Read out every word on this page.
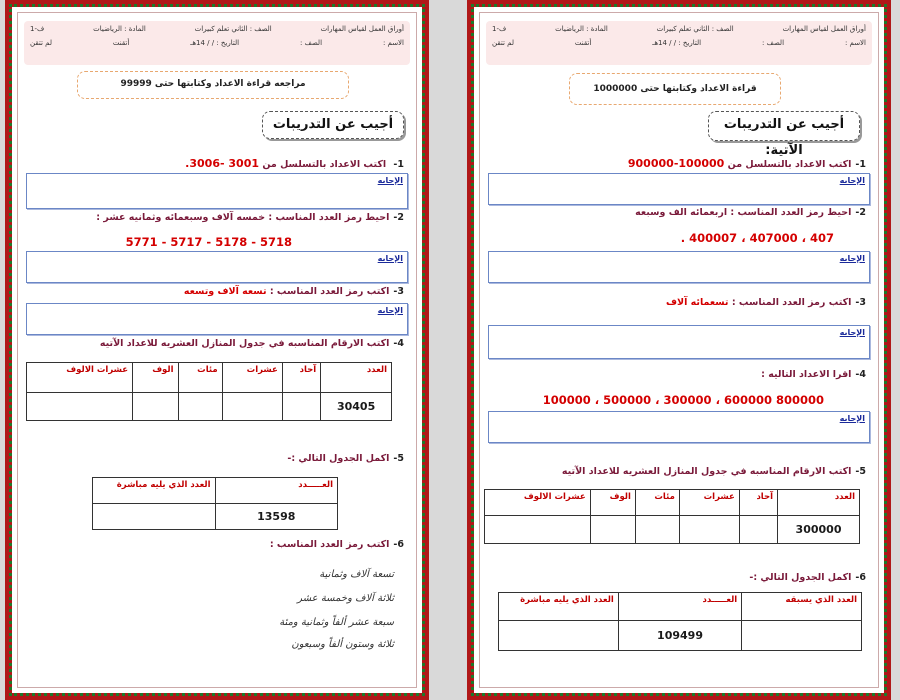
أوراق العمل لقياس المهارات
الصف : الثاني تعلم كبيرات
المادة : الرياضيات
ف-1
الاسم :
الصف :
التاريخ : / / 14هـ
أتقنت
لم تتقن
مراجعه قراءة الاعداد وكتابتها حتى 99999
أجيب عن التدريبات
1- اكتب الاعداد بالتسلسل من 3001 -3006.
الإجابه
2-احيط رمز العدد المناسب : خمسه آلاف وسبعمائه وثمانيه عشر :
5718 - 5178 - 5717 - 5771
الإجابه
3-اكتب رمز العدد المناسب : تسعه آلاف وتسعه
الإجابه
4-اكتب الارقام المناسبه في جدول المنازل العشريه للاعداد الآتيه
العدد	آحاد	عشرات	مئات	الوف	عشرات الالوف
30405					
5-اكمل الجدول التالي :-
العـــــدد	العدد الذي يليه مباشرة
13598	
6-اكتب رمز العدد المناسب :
تسعة آلاف وثمانية
ثلاثة آلاف وخمسة عشر
سبعة عشر ألفاً وثمانية ومئة
ثلاثة وستون ألفاً وسبعون
أوراق العمل لقياس المهارات
الصف : الثاني تعلم كبيرات
المادة : الرياضيات
ف-1
الاسم :
الصف :
التاريخ : / / 14هـ
أتقنت
لم تتقن
قراءة الاعداد وكتابتها حتى 1000000
أجيب عن التدريبات الآتية:
1-اكتب الاعداد بالتسلسل من 100000-900000
الإجابه
2-احيط رمز العدد المناسب : اربعمائه الف وسبعه
407 ، 407000 ، 400007 .
الإجابه
3-اكتب رمز العدد المناسب : تسعمائه آلاف
الإجابه
4-اقرا الاعداد التاليه :
800000 600000 ، 300000 ، 500000 ، 100000
الإجابه
5-اكتب الارقام المناسبه في جدول المنازل العشريه للاعداد الآتيه
العدد	آحاد	عشرات	مئات	الوف	عشرات الالوف
300000					
6-اكمل الجدول التالي :-
العدد الذي يسبقه	العـــــدد	العدد الذي يليه مباشرة
	109499	
